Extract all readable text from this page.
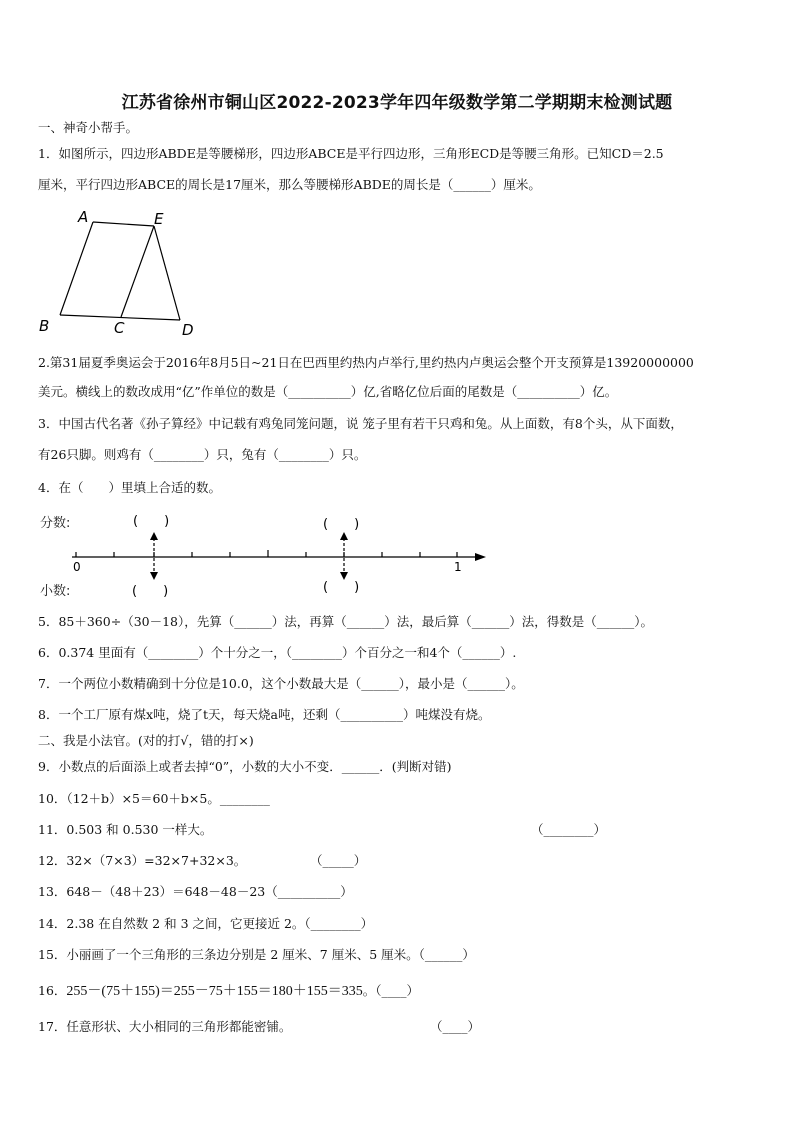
江苏省徐州市铜山区2022-2023学年四年级数学第二学期期末检测试题
一、神奇小帮手。
1．如图所示，四边形ABDE是等腰梯形，四边形ABCE是平行四边形，三角形ECD是等腰三角形。已知CD＝2.5
厘米，平行四边形ABCE的周长是17厘米，那么等腰梯形ABDE的周长是（______）厘米。
A	E
B	C	D
2.第31届夏季奥运会于2016年8月5日~21日在巴西里约热内卢举行,里约热内卢奥运会整个开支预算是13920000000
美元。横线上的数改成用“亿”作单位的数是（__________）亿,省略亿位后面的尾数是（__________）亿。
3．中国古代名著《孙子算经》中记载有鸡兔同笼问题，说 笼子里有若干只鸡和兔。从上面数，有8个头，从下面数，
有26只脚。则鸡有（________）只，兔有（________）只。
4．在（　　）里填上合适的数。
分数:
小数:
(　　)	(　　)
(　　)	(　　)
0	1
5．85＋360÷（30－18），先算（______）法，再算（______）法，最后算（______）法，得数是（______）。
6．0.374 里面有（________）个十分之一，（________）个百分之一和4个（______）.
7．一个两位小数精确到十分位是10.0，这个小数最大是（______），最小是（______）。
8．一个工厂原有煤x吨，烧了t天，每天烧a吨，还剩（__________）吨煤没有烧。
二、我是小法官。(对的打√，错的打×)
9．小数点的后面添上或者去掉“0”，小数的大小不变．______．(判断对错)
10．（12＋b）×5＝60＋b×5。________
11．0.503 和 0.530 一样大。	（________）
12．32×（7×3）=32×7+32×3。	（_____）
13．648－（48＋23）＝648－48－23（__________）
14．2.38 在自然数 2 和 3 之间，它更接近 2。（________）
15．小丽画了一个三角形的三条边分别是 2 厘米、7 厘米、5 厘米。（______）
16．255－(75＋155)＝255－75＋155＝180＋155＝335。（____）
17．任意形状、大小相同的三角形都能密铺。	（____）
